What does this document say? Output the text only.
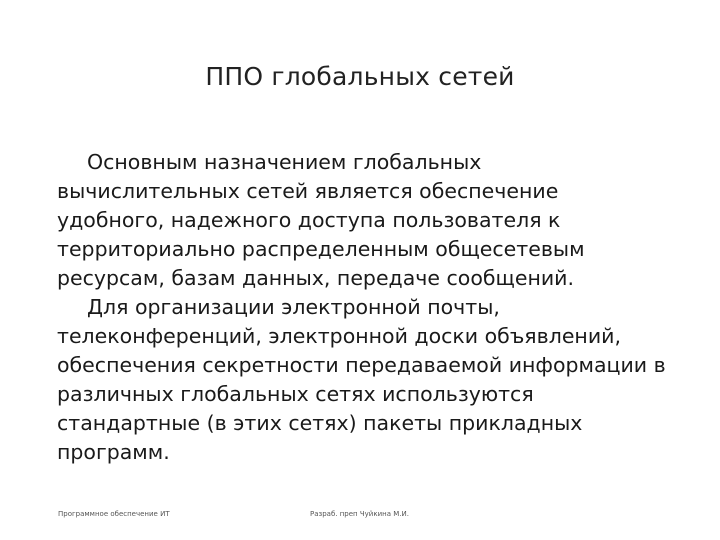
ППО глобальных сетей

Основным назначением глобальных вычислительных сетей является обеспечение удобного, надежного доступа пользователя к территориально распределенным общесетевым ресурсам, базам данных, передаче сообщений.

Для организации электронной почты, телеконференций, электронной доски объявлений, обеспечения секретности передаваемой информации в различных глобальных сетях используются стандартные (в этих сетях) пакеты прикладных программ.

Программное обеспечение ИТ	Разраб. преп Чуйкина М.И.
